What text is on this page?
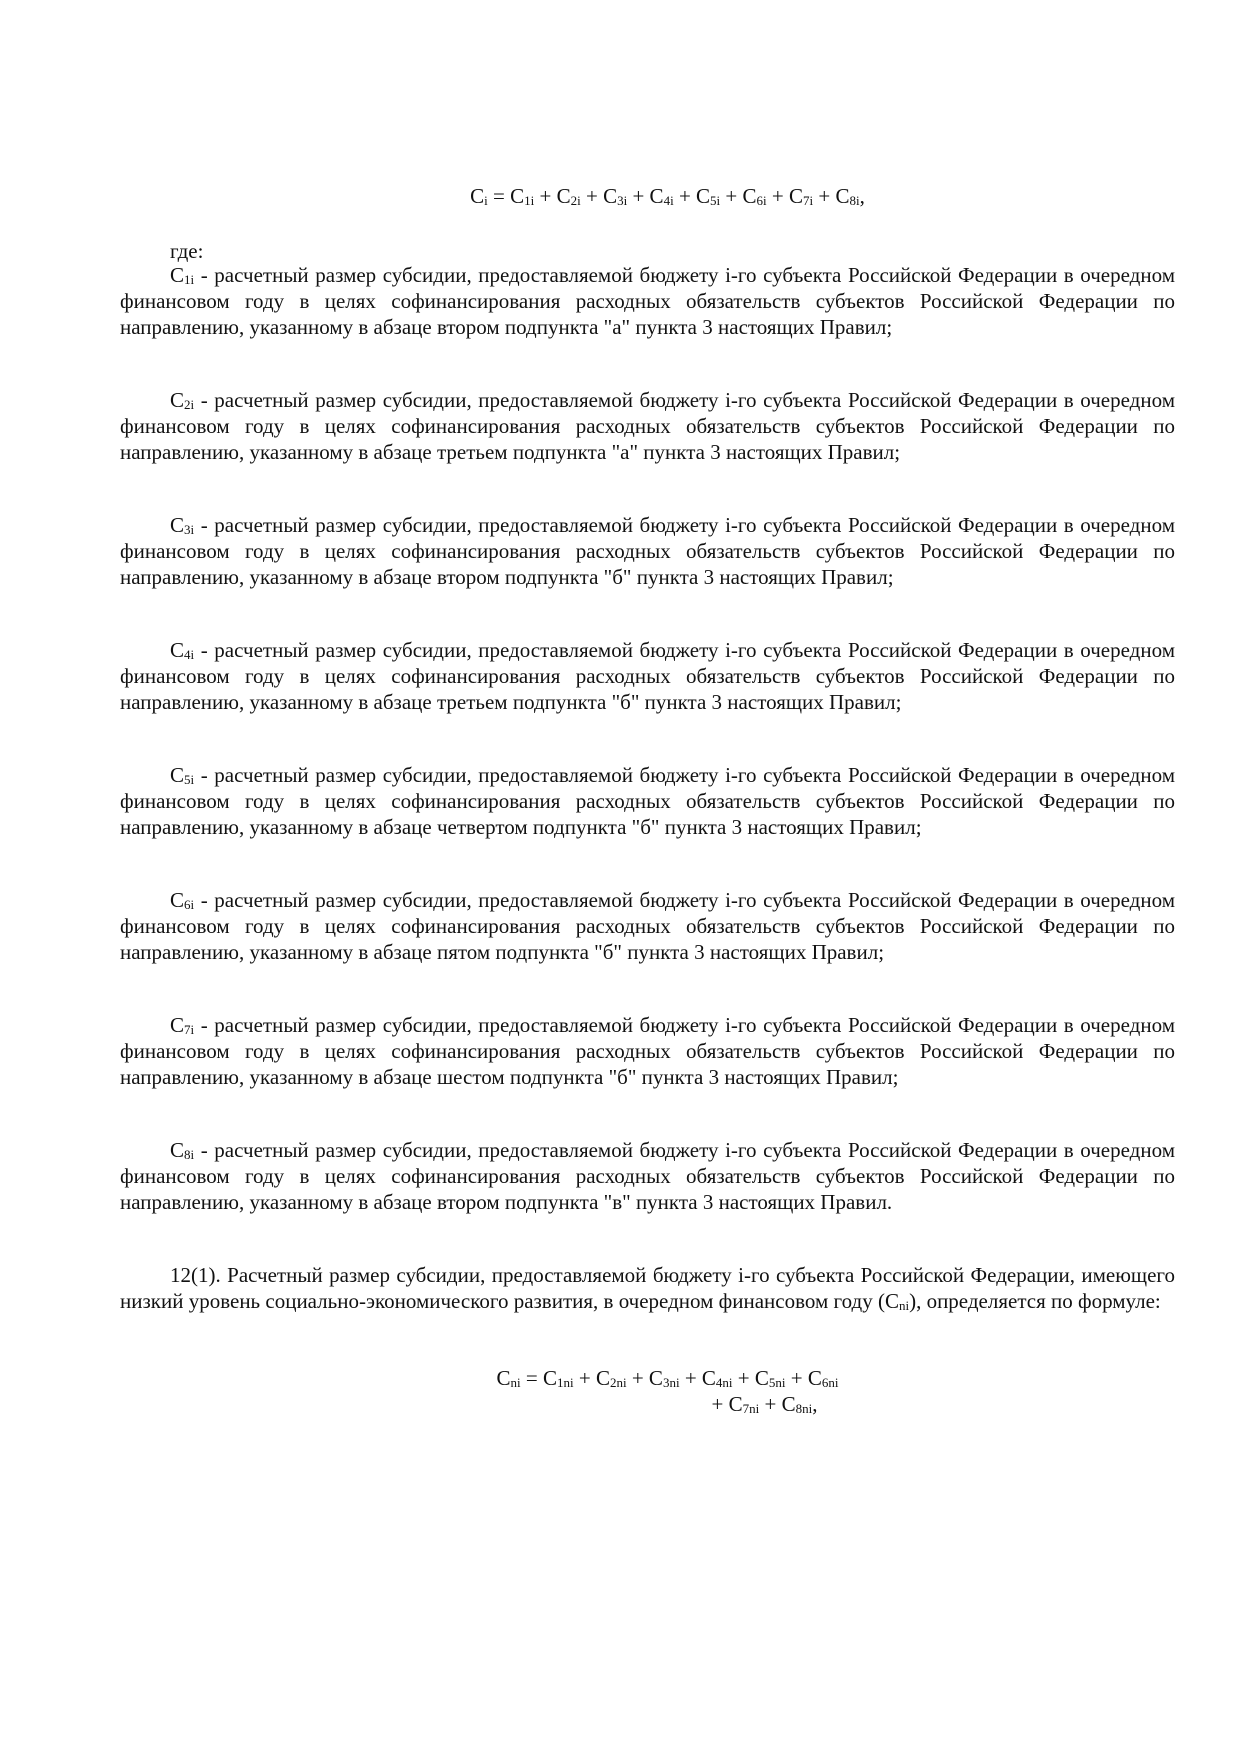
$C_i = C_{1i} + C_{2i} + C_{3i} + C_{4i} + C_{5i} + C_{6i} + C_{7i} + C_{8i}$,
где:

$C_{1i}$ - расчетный размер субсидии, предоставляемой бюджету i-го субъекта Российской Федерации в очередном финансовом году в целях софинансирования расходных обязательств субъектов Российской Федерации по направлению, указанному в абзаце втором подпункта "а" пункта 3 настоящих Правил;

$C_{2i}$ - расчетный размер субсидии, предоставляемой бюджету i-го субъекта Российской Федерации в очередном финансовом году в целях софинансирования расходных обязательств субъектов Российской Федерации по направлению, указанному в абзаце третьем подпункта "а" пункта 3 настоящих Правил;

$C_{3i}$ - расчетный размер субсидии, предоставляемой бюджету i-го субъекта Российской Федерации в очередном финансовом году в целях софинансирования расходных обязательств субъектов Российской Федерации по направлению, указанному в абзаце втором подпункта "б" пункта 3 настоящих Правил;

$C_{4i}$ - расчетный размер субсидии, предоставляемой бюджету i-го субъекта Российской Федерации в очередном финансовом году в целях софинансирования расходных обязательств субъектов Российской Федерации по направлению, указанному в абзаце третьем подпункта "б" пункта 3 настоящих Правил;

$C_{5i}$ - расчетный размер субсидии, предоставляемой бюджету i-го субъекта Российской Федерации в очередном финансовом году в целях софинансирования расходных обязательств субъектов Российской Федерации по направлению, указанному в абзаце четвертом подпункта "б" пункта 3 настоящих Правил;

$C_{6i}$ - расчетный размер субсидии, предоставляемой бюджету i-го субъекта Российской Федерации в очередном финансовом году в целях софинансирования расходных обязательств субъектов Российской Федерации по направлению, указанному в абзаце пятом подпункта "б" пункта 3 настоящих Правил;

$C_{7i}$ - расчетный размер субсидии, предоставляемой бюджету i-го субъекта Российской Федерации в очередном финансовом году в целях софинансирования расходных обязательств субъектов Российской Федерации по направлению, указанному в абзаце шестом подпункта "б" пункта 3 настоящих Правил;

$C_{8i}$ - расчетный размер субсидии, предоставляемой бюджету i-го субъекта Российской Федерации в очередном финансовом году в целях софинансирования расходных обязательств субъектов Российской Федерации по направлению, указанному в абзаце втором подпункта "в" пункта 3 настоящих Правил.

12(1). Расчетный размер субсидии, предоставляемой бюджету i-го субъекта Российской Федерации, имеющего низкий уровень социально-экономического развития, в очередном финансовом году $(C_{ni})$, определяется по формуле:

$C_{ni} = C_{1ni} + C_{2ni} + C_{3ni} + C_{4ni} + C_{5ni} + C_{6ni}$
+ $C_{7ni} + C_{8ni}$,
